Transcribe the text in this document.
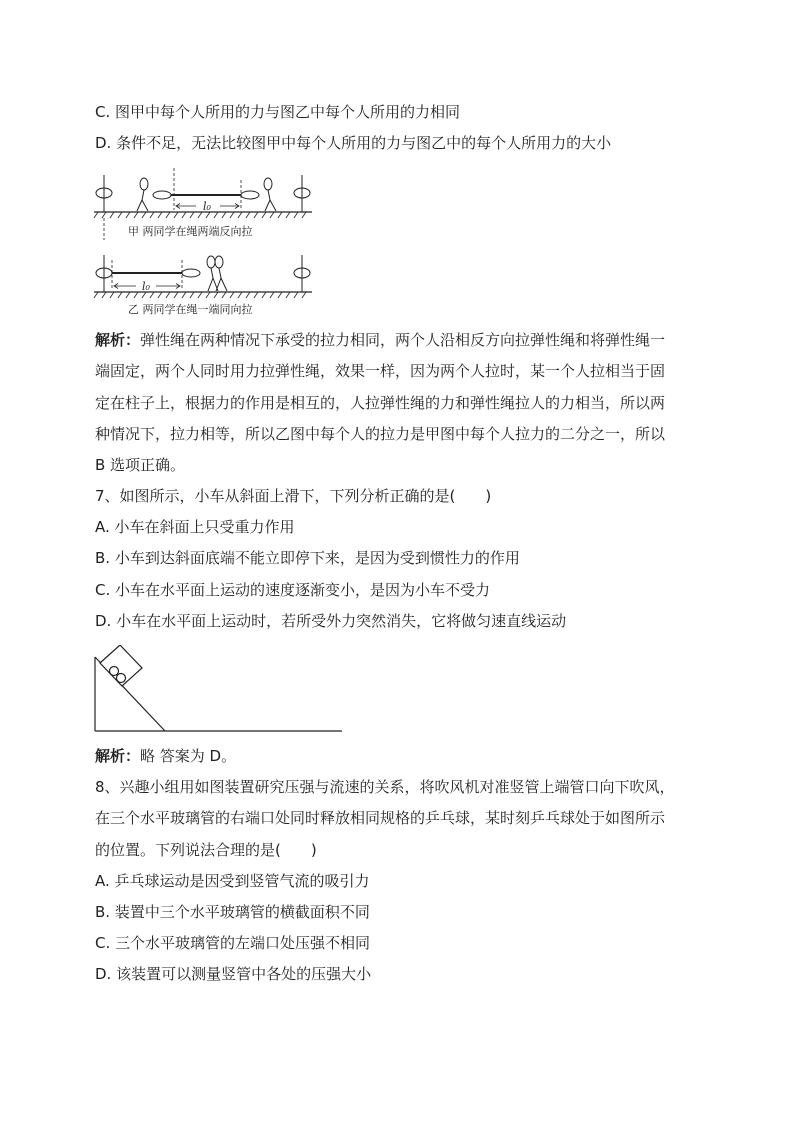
C. 图甲中每个人所用的力与图乙中每个人所用的力相同
D. 条件不足，无法比较图甲中每个人所用的力与图乙中的每个人所用力的大小
l₀
l₀
甲 两同学在绳两端反向拉
乙 两同学在绳一端同向拉
解析：弹性绳在两种情况下承受的拉力相同，两个人沿相反方向拉弹性绳和将弹性绳一
端固定，两个人同时用力拉弹性绳，效果一样，因为两个人拉时，某一个人拉相当于固
定在柱子上，根据力的作用是相互的，人拉弹性绳的力和弹性绳拉人的力相当，所以两
种情况下，拉力相等，所以乙图中每个人的拉力是甲图中每个人拉力的二分之一，所以
B 选项正确。
7、如图所示，小车从斜面上滑下，下列分析正确的是(　　)
A. 小车在斜面上只受重力作用
B. 小车到达斜面底端不能立即停下来，是因为受到惯性力的作用
C. 小车在水平面上运动的速度逐渐变小，是因为小车不受力
D. 小车在水平面上运动时，若所受外力突然消失，它将做匀速直线运动
解析：略 答案为 D。
8、兴趣小组用如图装置研究压强与流速的关系，将吹风机对准竖管上端管口向下吹风，
在三个水平玻璃管的右端口处同时释放相同规格的乒乓球，某时刻乒乓球处于如图所示
的位置。下列说法合理的是(　　)
A. 乒乓球运动是因受到竖管气流的吸引力
B. 装置中三个水平玻璃管的横截面积不同
C. 三个水平玻璃管的左端口处压强不相同
D. 该装置可以测量竖管中各处的压强大小
